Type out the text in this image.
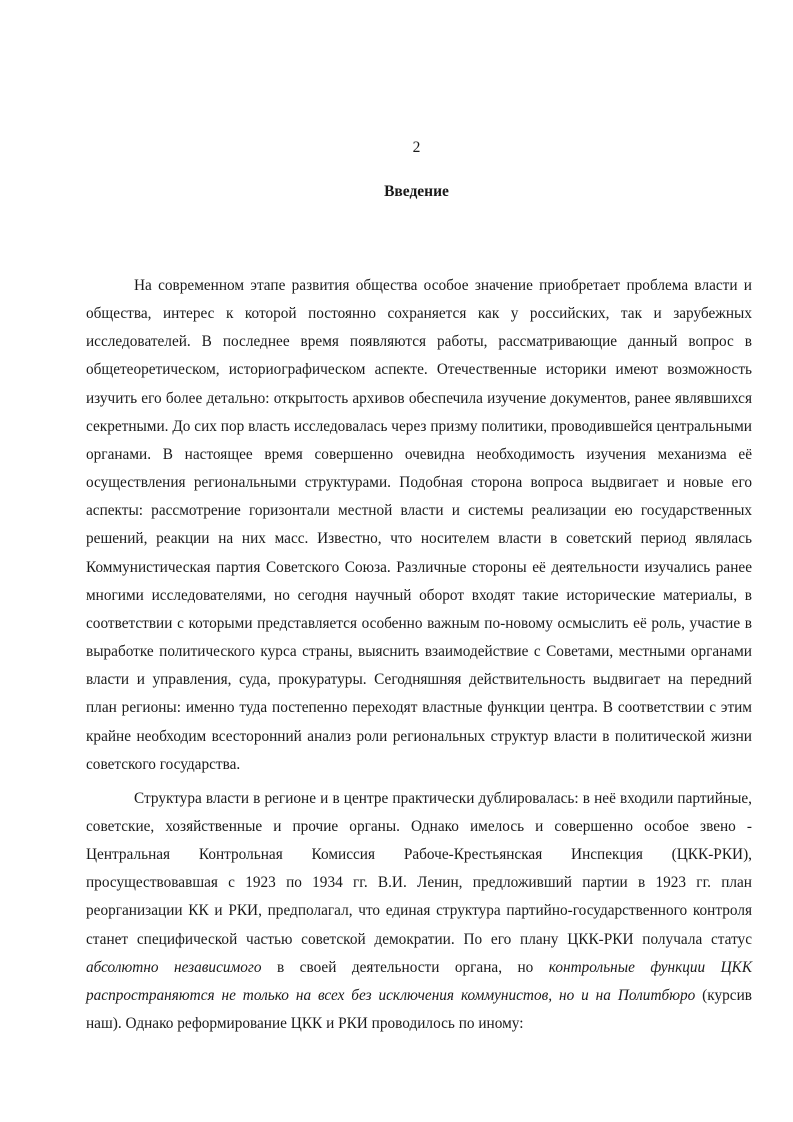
2
Введение

На современном этапе развития общества особое значение приобретает проблема власти и общества, интерес к которой постоянно сохраняется как у российских, так и зарубежных исследователей. В последнее время появляются работы, рассматривающие данный вопрос в общетеоретическом, историографическом аспекте. Отечественные историки имеют возможность изучить его более детально: открытость архивов обеспечила изучение документов, ранее являвшихся секретными. До сих пор власть исследовалась через призму политики, проводившейся центральными органами. В настоящее время совершенно очевидна необходимость изучения механизма её осуществления региональными структурами. Подобная сторона вопроса выдвигает и новые его аспекты: рассмотрение горизонтали местной власти и системы реализации ею государственных решений, реакции на них масс. Известно, что носителем власти в советский период являлась Коммунистическая партия Советского Союза. Различные стороны её деятельности изучались ранее многими исследователями, но сегодня научный оборот входят такие исторические материалы, в соответствии с которыми представляется особенно важным по-новому осмыслить её роль, участие в выработке политического курса страны, выяснить взаимодействие с Советами, местными органами власти и управления, суда, прокуратуры. Сегодняшняя действительность выдвигает на передний план регионы: именно туда постепенно переходят властные функции центра. В соответствии с этим крайне необходим всесторонний анализ роли региональных структур власти в политической жизни советского государства.

Структура власти в регионе и в центре практически дублировалась: в неё входили партийные, советские, хозяйственные и прочие органы. Однако имелось и совершенно особое звено - Центральная Контрольная Комиссия Рабоче-Крестьянская Инспекция (ЦКК-РКИ), просуществовавшая с 1923 по 1934 гг. В.И. Ленин, предложивший партии в 1923 гг. план реорганизации КК и РКИ, предполагал, что единая структура партийно-государственного контроля станет специфической частью советской демократии. По его плану ЦКК-РКИ получала статус абсолютно независимого в своей деятельности органа, но контрольные функции ЦКК распространяются не только на всех без исключения коммунистов, но и на Политбюро (курсив наш). Однако реформирование ЦКК и РКИ проводилось по иному:
